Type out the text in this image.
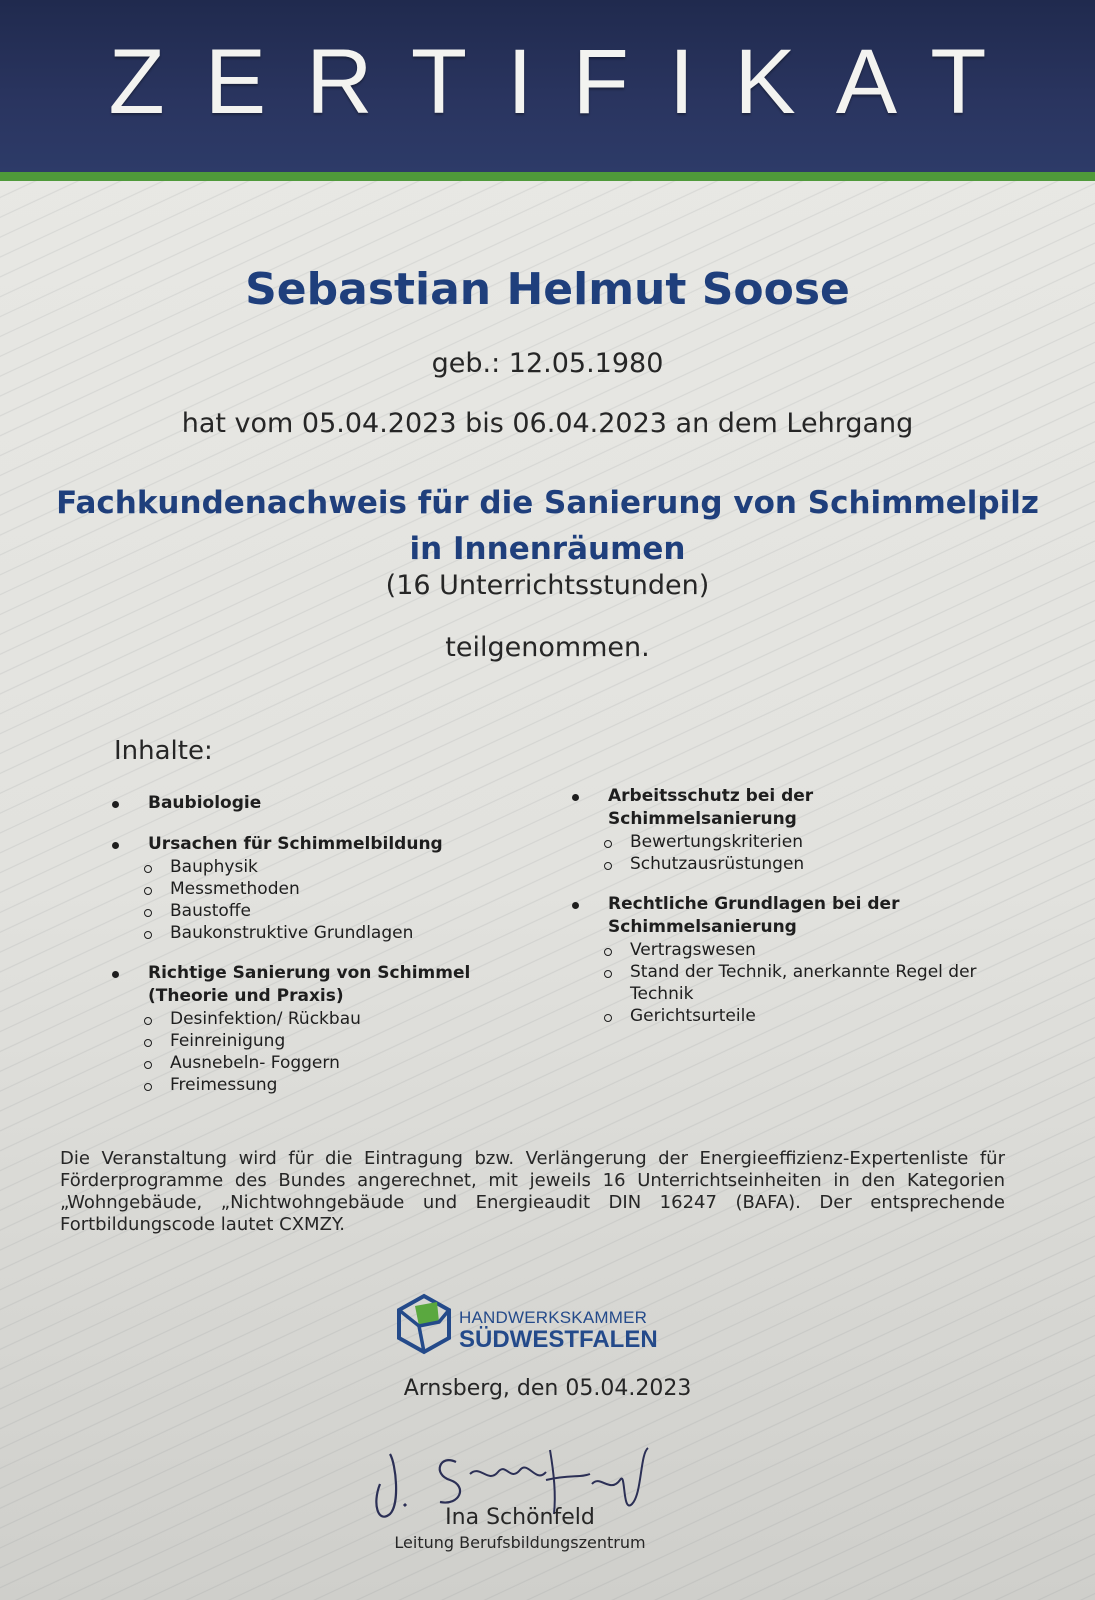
ZERTIFIKAT
Sebastian Helmut Soose
geb.: 12.05.1980
hat vom 05.04.2023 bis 06.04.2023 an dem Lehrgang
Fachkundenachweis für die Sanierung von Schimmelpilz
in Innenräumen
(16 Unterrichtsstunden)
teilgenommen.
Inhalte:
Baubiologie
Ursachen für Schimmelbildung
Bauphysik
Messmethoden
Baustoffe
Baukonstruktive Grundlagen
Richtige Sanierung von Schimmel (Theorie und Praxis)
Desinfektion/ Rückbau
Feinreinigung
Ausnebeln- Foggern
Freimessung
Arbeitsschutz bei der Schimmelsanierung
Bewertungskriterien
Schutzausrüstungen
Rechtliche Grundlagen bei der Schimmelsanierung
Vertragswesen
Stand der Technik, anerkannte Regel der Technik
Gerichtsurteile
Die Veranstaltung wird für die Eintragung bzw. Verlängerung der Energieeffizienz-Expertenliste für Förderprogramme des Bundes angerechnet, mit jeweils 16 Unterrichtseinheiten in den Kategorien „Wohngebäude, „Nichtwohngebäude und Energieaudit DIN 16247 (BAFA). Der entsprechende Fortbildungscode lautet CXMZY.
HANDWERKSKAMMER
SÜDWESTFALEN
Arnsberg, den 05.04.2023
Ina Schönfeld
Leitung Berufsbildungszentrum
